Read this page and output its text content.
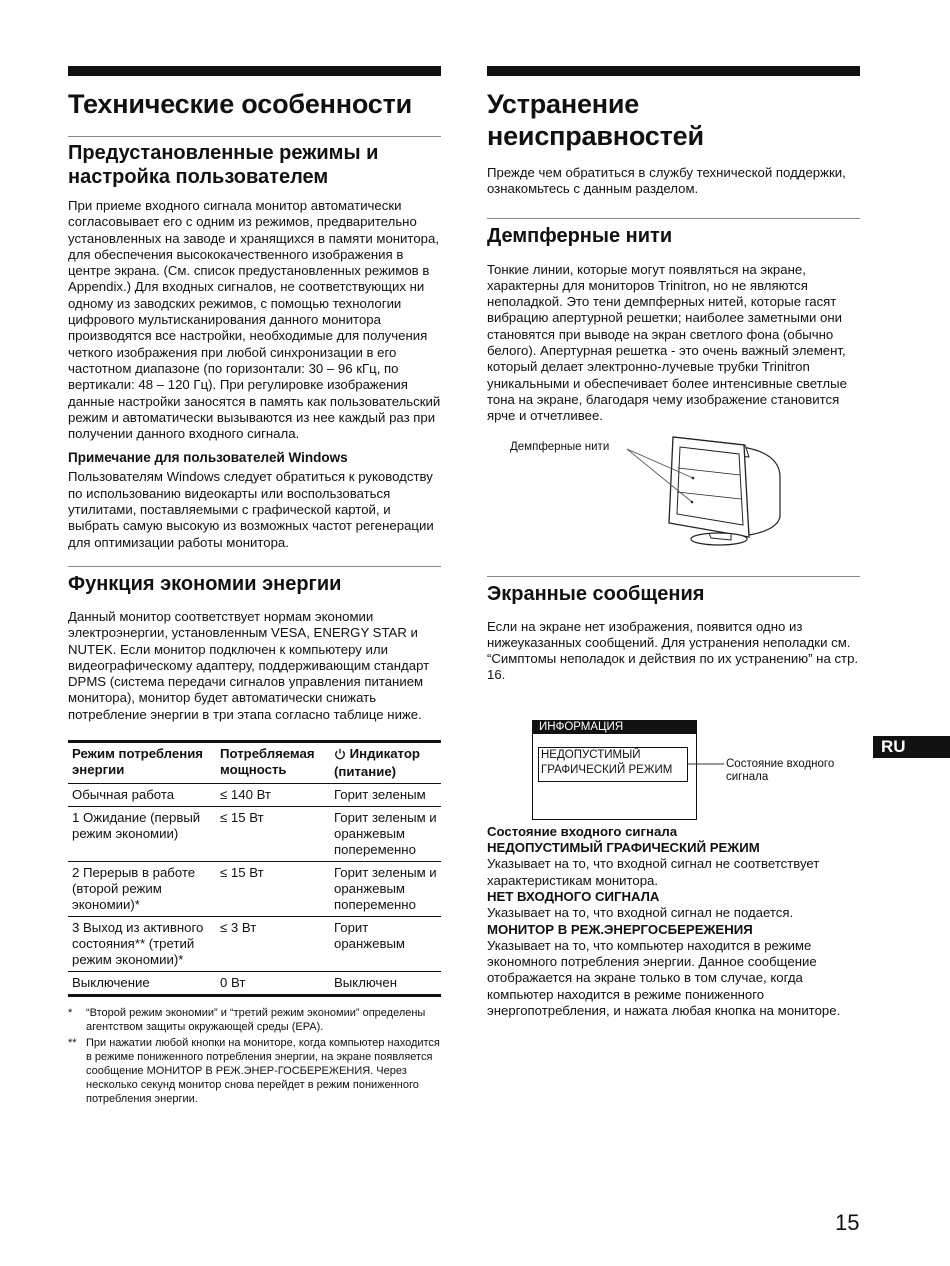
Технические особенности
Предустановленные режимы и
настройка пользователем

При приеме входного сигнала монитор автоматически согласовывает его с одним из режимов, предварительно установленных на заводе и хранящихся в памяти монитора, для обеспечения высококачественного изображения в центре экрана. (См. список предустановленных режимов в Appendix.) Для входных сигналов, не соответствующих ни одному из заводских режимов, с помощью технологии цифрового мультисканирования данного монитора производятся все настройки, необходимые для получения четкого изображения при любой синхронизации в его частотном диапазоне (по горизонтали: 30 – 96 кГц, по вертикали: 48 – 120 Гц). При регулировке изображения данные настройки заносятся в память как пользовательский режим и автоматически вызываются из нее каждый раз при получении данного входного сигнала.

Примечание для пользователей Windows

Пользователям Windows следует обратиться к руководству по использованию видеокарты или воспользоваться утилитами, поставляемыми с графической картой, и выбрать самую высокую из возможных частот регенерации для оптимизации работы монитора.

Функция экономии энергии

Данный монитор соответствует нормам экономии электроэнергии, установленным VESA, ENERGY STAR и NUTEK. Если монитор подключен к компьютеру или видеографическому адаптеру, поддерживающим стандарт DPMS (система передачи сигналов управления питанием монитора), монитор будет автоматически снижать потребление энергии в три этапа согласно таблице ниже.

Режим потребления энергии	Потребляемая мощность	Индикатор (питание)
Обычная работа	≤ 140 Вт	Горит зеленым
1 Ожидание (первый режим экономии)	≤ 15 Вт	Горит зеленым и оранжевым попеременно
2 Перерыв в работе (второй режим экономии)*	≤ 15 Вт	Горит зеленым и оранжевым попеременно
3 Выход из активного состояния** (третий режим экономии)*	≤ 3 Вт	Горит оранжевым
Выключение	0 Вт	Выключен
*	“Второй режим экономии” и “третий режим экономии” определены агентством защиты окружающей среды (EPA).
** При нажатии любой кнопки на мониторе, когда компьютер находится в режиме пониженного потребления энергии, на экране появляется сообщение МОНИТОР В РЕЖ.ЭНЕР-ГОСБЕРЕЖЕНИЯ. Через несколько секунд монитор снова перейдет в режим пониженного потребления энергии.
Устранение
неисправностей

Прежде чем обратиться в службу технической поддержки, ознакомьтесь с данным разделом.

Демпферные нити

Тонкие линии, которые могут появляться на экране, характерны для мониторов Trinitron, но не являются неполадкой. Это тени демпферных нитей, которые гасят вибрацию апертурной решетки; наиболее заметными они становятся при выводе на экран светлого фона (обычно белого). Апертурная решетка - это очень важный элемент, который делает электронно-лучевые трубки Trinitron уникальными и обеспечивает более интенсивные светлые тона на экране, благодаря чему изображение становится ярче и отчетливее.

Демпферные нити
Экранные сообщения

Если на экране нет изображения, появится одно из нижеуказанных сообщений. Для устранения неполадки см. “Симптомы неполадок и действия по их устранению” на стр. 16.

Состояние входного сигнала
НЕДОПУСТИМЫЙ ГРАФИЧЕСКИЙ РЕЖИМ

Указывает на то, что входной сигнал не соответствует характеристикам монитора.

НЕТ ВХОДНОГО СИГНАЛА

Указывает на то, что входной сигнал не подается.

МОНИТОР В РЕЖ.ЭНЕРГОСБЕРЕЖЕНИЯ

Указывает на то, что компьютер находится в режиме экономного потребления энергии. Данное сообщение отображается на экране только в том случае, когда компьютер находится в режиме пониженного энергопотребления, и нажата любая кнопка на мониторе.

ИНФОРМАЦИЯ
НЕДОПУСТИМЫЙ
ГРАФИЧЕСКИЙ РЕЖИМ	Состояние входного
сигнала
RU
15
